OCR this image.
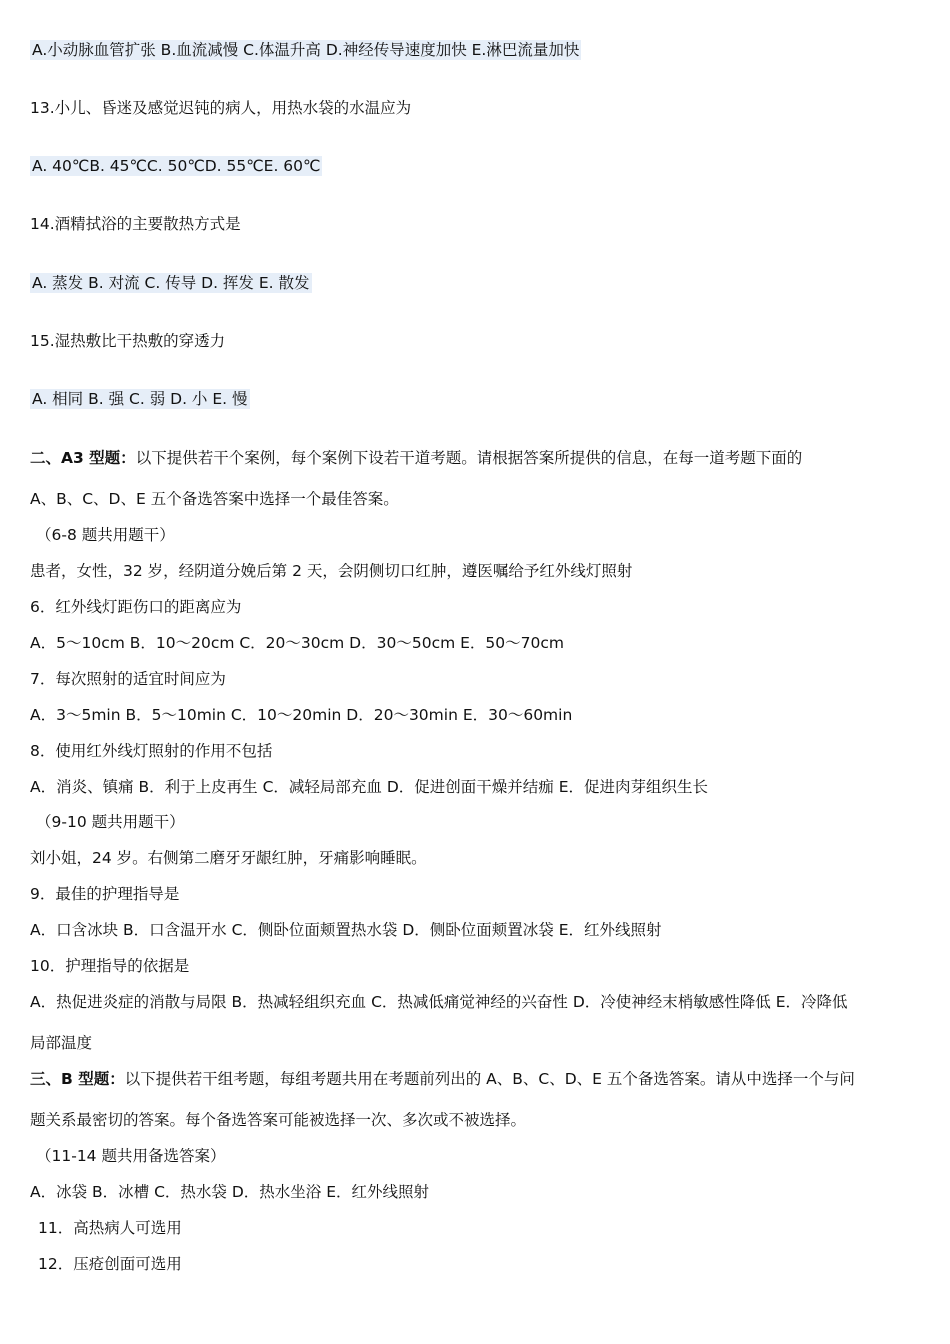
A.小动脉血管扩张 B.血流减慢 C.体温升高 D.神经传导速度加快 E.淋巴流量加快
13.小儿、昏迷及感觉迟钝的病人，用热水袋的水温应为
A. 40℃B. 45℃C. 50℃D. 55℃E. 60℃
14.酒精拭浴的主要散热方式是
A. 蒸发 B. 对流 C. 传导 D. 挥发 E. 散发
15.湿热敷比干热敷的穿透力
A. 相同 B. 强 C. 弱 D. 小 E. 慢
二、A3 型题：以下提供若干个案例，每个案例下设若干道考题。请根据答案所提供的信息，在每一道考题下面的
A、B、C、D、E 五个备选答案中选择一个最佳答案。
（6-8 题共用题干）
患者，女性，32 岁，经阴道分娩后第 2 天，会阴侧切口红肿，遵医嘱给予红外线灯照射
6．红外线灯距伤口的距离应为
A．5～10cm B．10～20cm C．20～30cm D．30～50cm E．50～70cm
7．每次照射的适宜时间应为
A．3～5min B．5～10min C．10～20min D．20～30min E．30～60min
8．使用红外线灯照射的作用不包括
A．消炎、镇痛 B．利于上皮再生 C．减轻局部充血 D．促进创面干燥并结痂 E．促进肉芽组织生长
（9-10 题共用题干）
刘小姐，24 岁。右侧第二磨牙牙龈红肿，牙痛影响睡眠。
9．最佳的护理指导是
A．口含冰块 B．口含温开水 C．侧卧位面颊置热水袋 D．侧卧位面颊置冰袋 E．红外线照射
10．护理指导的依据是
A．热促进炎症的消散与局限 B．热减轻组织充血 C．热减低痛觉神经的兴奋性 D．冷使神经末梢敏感性降低 E．冷降低
局部温度
三、B 型题：以下提供若干组考题，每组考题共用在考题前列出的 A、B、C、D、E 五个备选答案。请从中选择一个与问
题关系最密切的答案。每个备选答案可能被选择一次、多次或不被选择。
（11-14 题共用备选答案）
A．冰袋 B．冰槽 C．热水袋 D．热水坐浴 E．红外线照射
11．高热病人可选用
12．压疮创面可选用
